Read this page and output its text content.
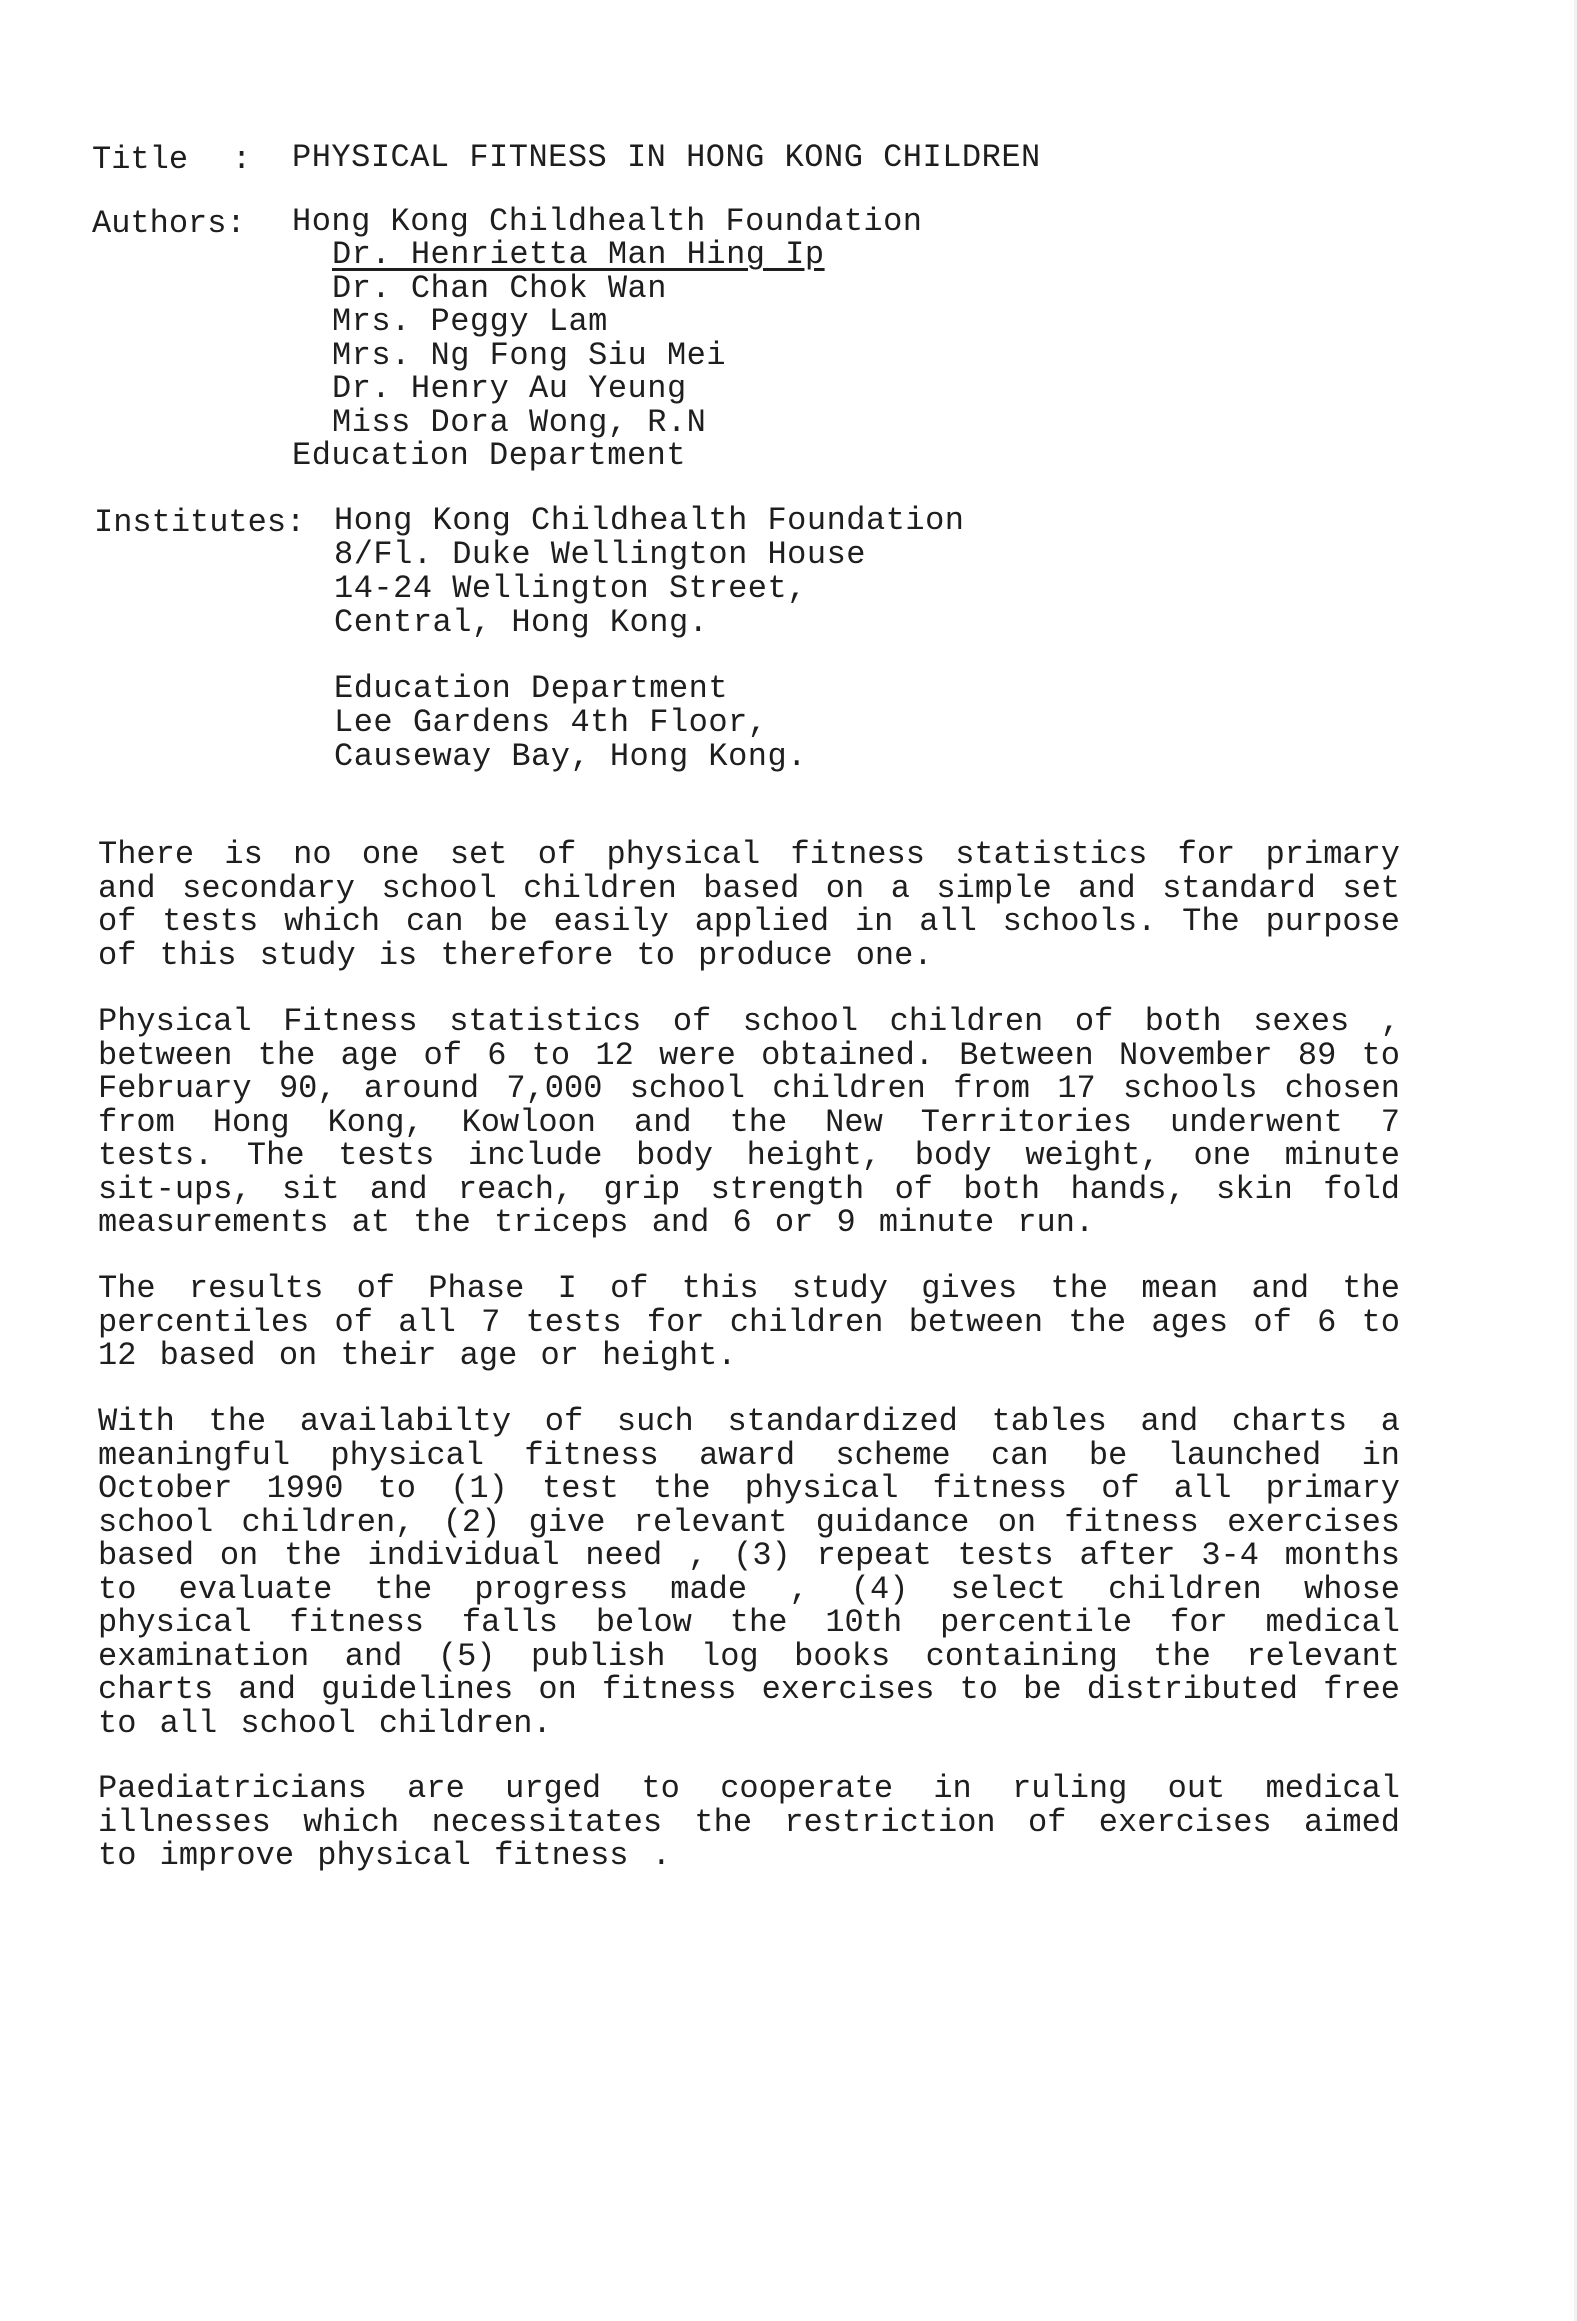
Title : PHYSICAL FITNESS IN HONG KONG CHILDREN
Authors: Hong Kong Childhealth Foundation
Dr. Henrietta Man Hing Ip
Dr. Chan Chok Wan
Mrs. Peggy Lam
Mrs. Ng Fong Siu Mei
Dr. Henry Au Yeung
Miss Dora Wong, R.N
Education Department
Institutes: Hong Kong Childhealth Foundation
8/Fl. Duke Wellington House
14-24 Wellington Street,
Central, Hong Kong.
Education Department
Lee Gardens 4th Floor,
Causeway Bay, Hong Kong.
There is no one set of physical fitness statistics for primary
and secondary school children based on a simple and standard set
of tests which can be easily applied in all schools. The purpose
of this study is therefore to produce one.
Physical Fitness statistics of school children of both sexes ,
between the age of 6 to 12 were obtained. Between November 89 to
February 90, around 7,000 school children from 17 schools chosen
from Hong Kong, Kowloon and the New Territories underwent 7
tests. The tests include body height, body weight, one minute
sit-ups, sit and reach, grip strength of both hands, skin fold
measurements at the triceps and 6 or 9 minute run.
The results of Phase I of this study gives the mean and the
percentiles of all 7 tests for children between the ages of 6 to
12 based on their age or height.
With the availabilty of such standardized tables and charts a
meaningful physical fitness award scheme can be launched in
October 1990 to (1) test the physical fitness of all primary
school children, (2) give relevant guidance on fitness exercises
based on the individual need , (3) repeat tests after 3-4 months
to evaluate the progress made , (4) select children whose
physical fitness falls below the 10th percentile for medical
examination and (5) publish log books containing the relevant
charts and guidelines on fitness exercises to be distributed free
to all school children.
Paediatricians are urged to cooperate in ruling out medical
illnesses which necessitates the restriction of exercises aimed
to improve physical fitness .
